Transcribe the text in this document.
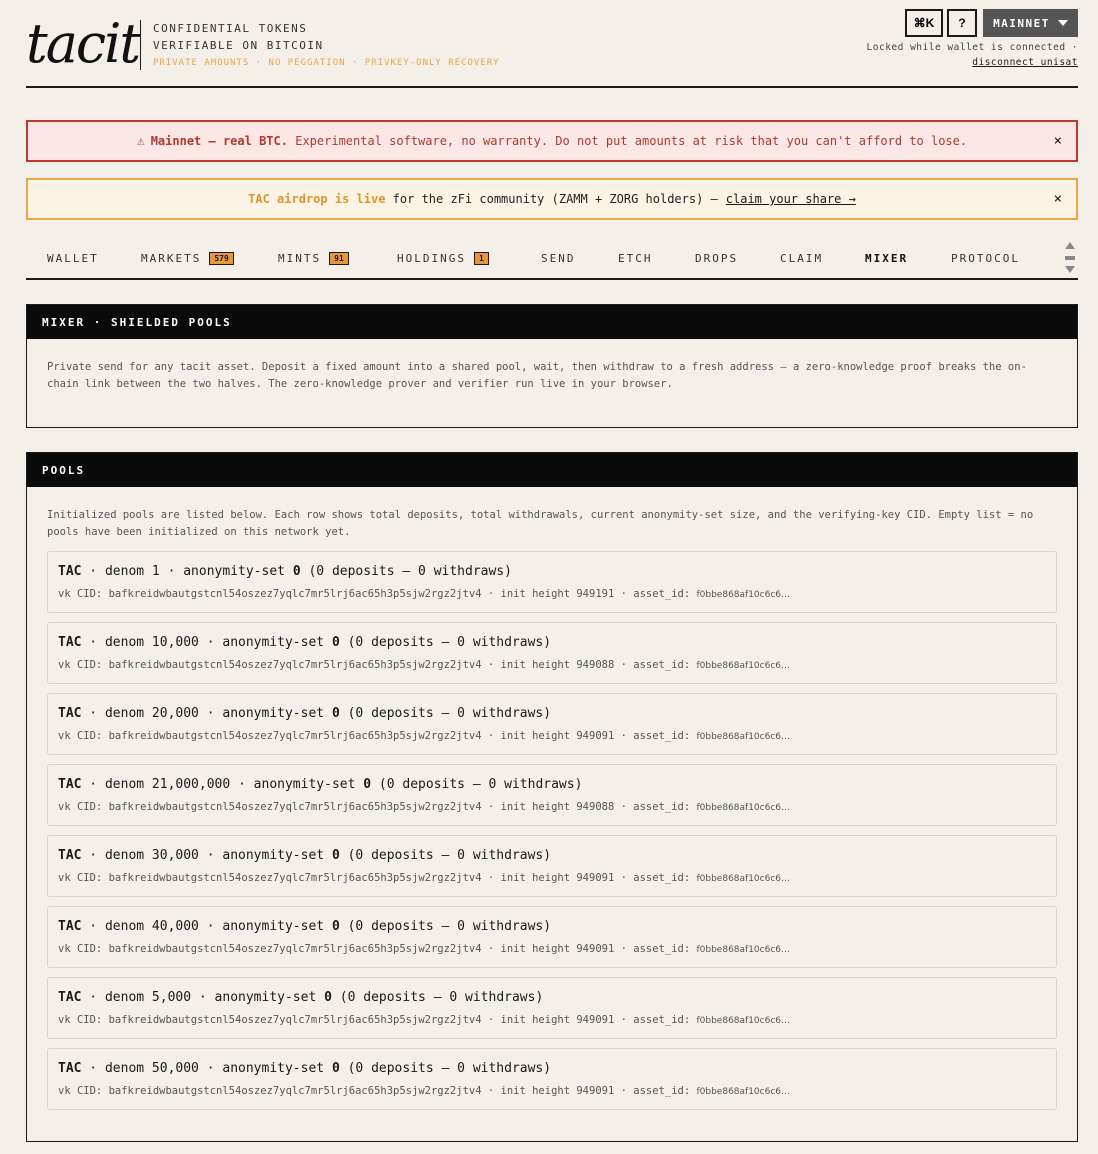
tacit CONFIDENTIAL TOKENS
VERIFIABLE ON BITCOIN
PRIVATE AMOUNTS · NO PEGGATION · PRIVKEY-ONLY RECOVERY
⌘K	?	MAINNET
Locked while wallet is connected ·
disconnect unisat
⚠ Mainnet — real BTC.
Experimental software, no warranty. Do not put amounts at risk that you can't afford to lose.	×
TAC airdrop is live
for the zFi community (ZAMM + ZORG holders) — claim your share →	×
WALLET	MARKETS	579	MINTS	91	HOLDINGS	1	SEND	ETCH	DROPS	CLAIM	MIXER	PROTOCOL
MIXER · SHIELDED POOLS
Private send for any tacit asset. Deposit a fixed amount into a shared pool, wait, then withdraw to a fresh address — a zero-knowledge proof breaks the on-chain link between the two halves. The zero-knowledge prover and verifier run live in your browser.
POOLS
Initialized pools are listed below. Each row shows total deposits, total withdrawals, current anonymity-set size, and the verifying-key CID. Empty list = no pools have been initialized on this network yet.
TAC · denom 1 · anonymity-set 0 (0 deposits – 0 withdraws)
vk CID: bafkreidwbautgstcnl54oszez7yqlc7mr5lrj6ac65h3p5sjw2rgz2jtv4 · init height 949191 · asset_id: f0bbe868af10c6c6…
TAC · denom 10,000 · anonymity-set 0 (0 deposits – 0 withdraws)
vk CID: bafkreidwbautgstcnl54oszez7yqlc7mr5lrj6ac65h3p5sjw2rgz2jtv4 · init height 949088 · asset_id: f0bbe868af10c6c6…
TAC · denom 20,000 · anonymity-set 0 (0 deposits – 0 withdraws)
vk CID: bafkreidwbautgstcnl54oszez7yqlc7mr5lrj6ac65h3p5sjw2rgz2jtv4 · init height 949091 · asset_id: f0bbe868af10c6c6…
TAC · denom 21,000,000 · anonymity-set 0 (0 deposits – 0 withdraws)
vk CID: bafkreidwbautgstcnl54oszez7yqlc7mr5lrj6ac65h3p5sjw2rgz2jtv4 · init height 949088 · asset_id: f0bbe868af10c6c6…
TAC · denom 30,000 · anonymity-set 0 (0 deposits – 0 withdraws)
vk CID: bafkreidwbautgstcnl54oszez7yqlc7mr5lrj6ac65h3p5sjw2rgz2jtv4 · init height 949091 · asset_id: f0bbe868af10c6c6…
TAC · denom 40,000 · anonymity-set 0 (0 deposits – 0 withdraws)
vk CID: bafkreidwbautgstcnl54oszez7yqlc7mr5lrj6ac65h3p5sjw2rgz2jtv4 · init height 949091 · asset_id: f0bbe868af10c6c6…
TAC · denom 5,000 · anonymity-set 0 (0 deposits – 0 withdraws)
vk CID: bafkreidwbautgstcnl54oszez7yqlc7mr5lrj6ac65h3p5sjw2rgz2jtv4 · init height 949091 · asset_id: f0bbe868af10c6c6…
TAC · denom 50,000 · anonymity-set 0 (0 deposits – 0 withdraws)
vk CID: bafkreidwbautgstcnl54oszez7yqlc7mr5lrj6ac65h3p5sjw2rgz2jtv4 · init height 949091 · asset_id: f0bbe868af10c6c6…
